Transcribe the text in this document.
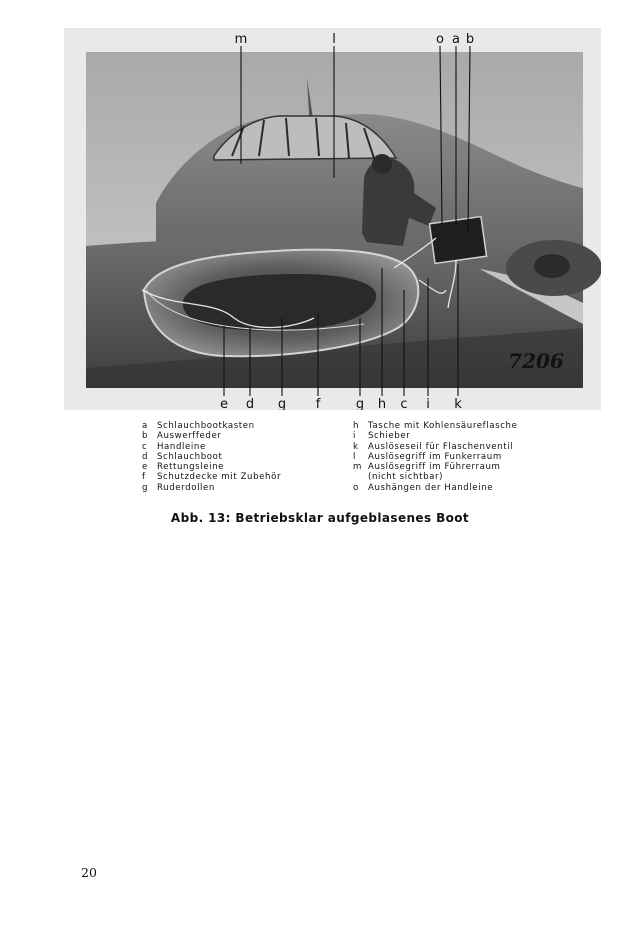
m	l	o a b
e d g f	g h c i k
7206
a	Schlauchbootkasten
b	Auswerffeder
c	Handleine
d	Schlauchboot
e	Rettungsleine
f	Schutzdecke mit Zubehör
g	Ruderdollen
h	Tasche mit Kohlensäureflasche
i	Schieber
k	Auslöseseil für Flaschenventil
l	Auslösegriff im Funkerraum
m Auslösegriff im Führerraum
(nicht sichtbar)
o	Aushängen der Handleine
Abb. 13: Betriebsklar aufgeblasenes Boot
20
